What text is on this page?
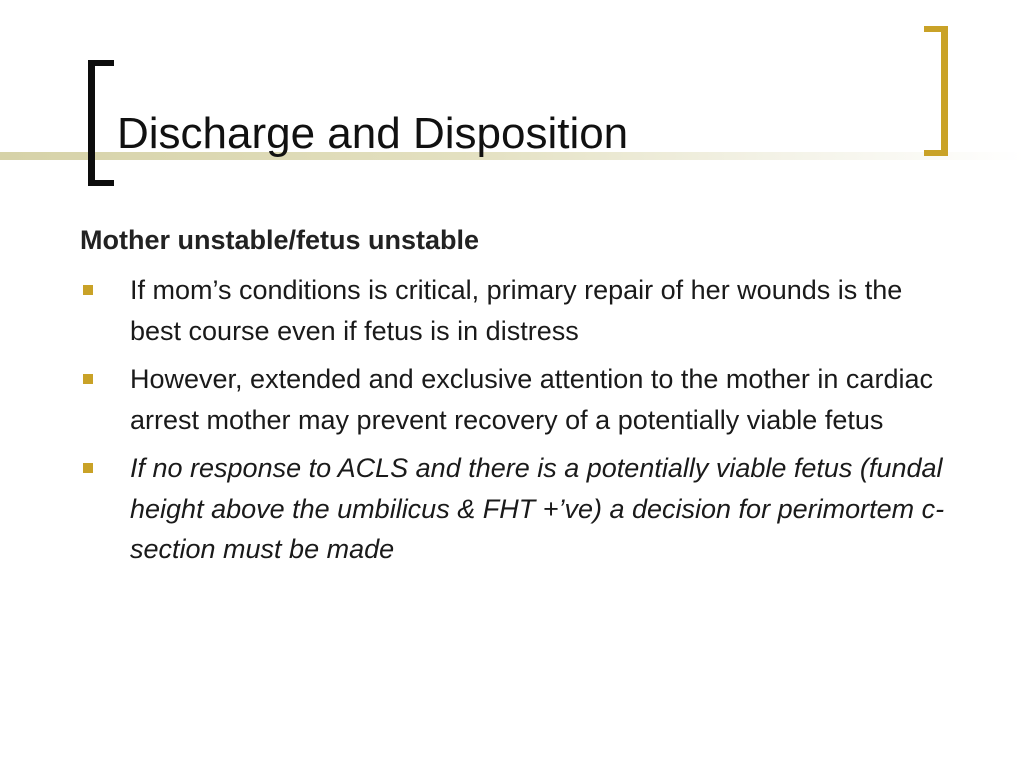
Discharge and Disposition

Mother unstable/fetus unstable

If mom’s conditions is critical, primary repair of her wounds is the best course even if fetus is in distress
However, extended and exclusive attention to the mother in cardiac arrest mother may prevent recovery of a potentially viable fetus
If no response to ACLS and there is a potentially viable fetus (fundal height above the umbilicus & FHT +’ve) a decision for perimortem c-section must be made
